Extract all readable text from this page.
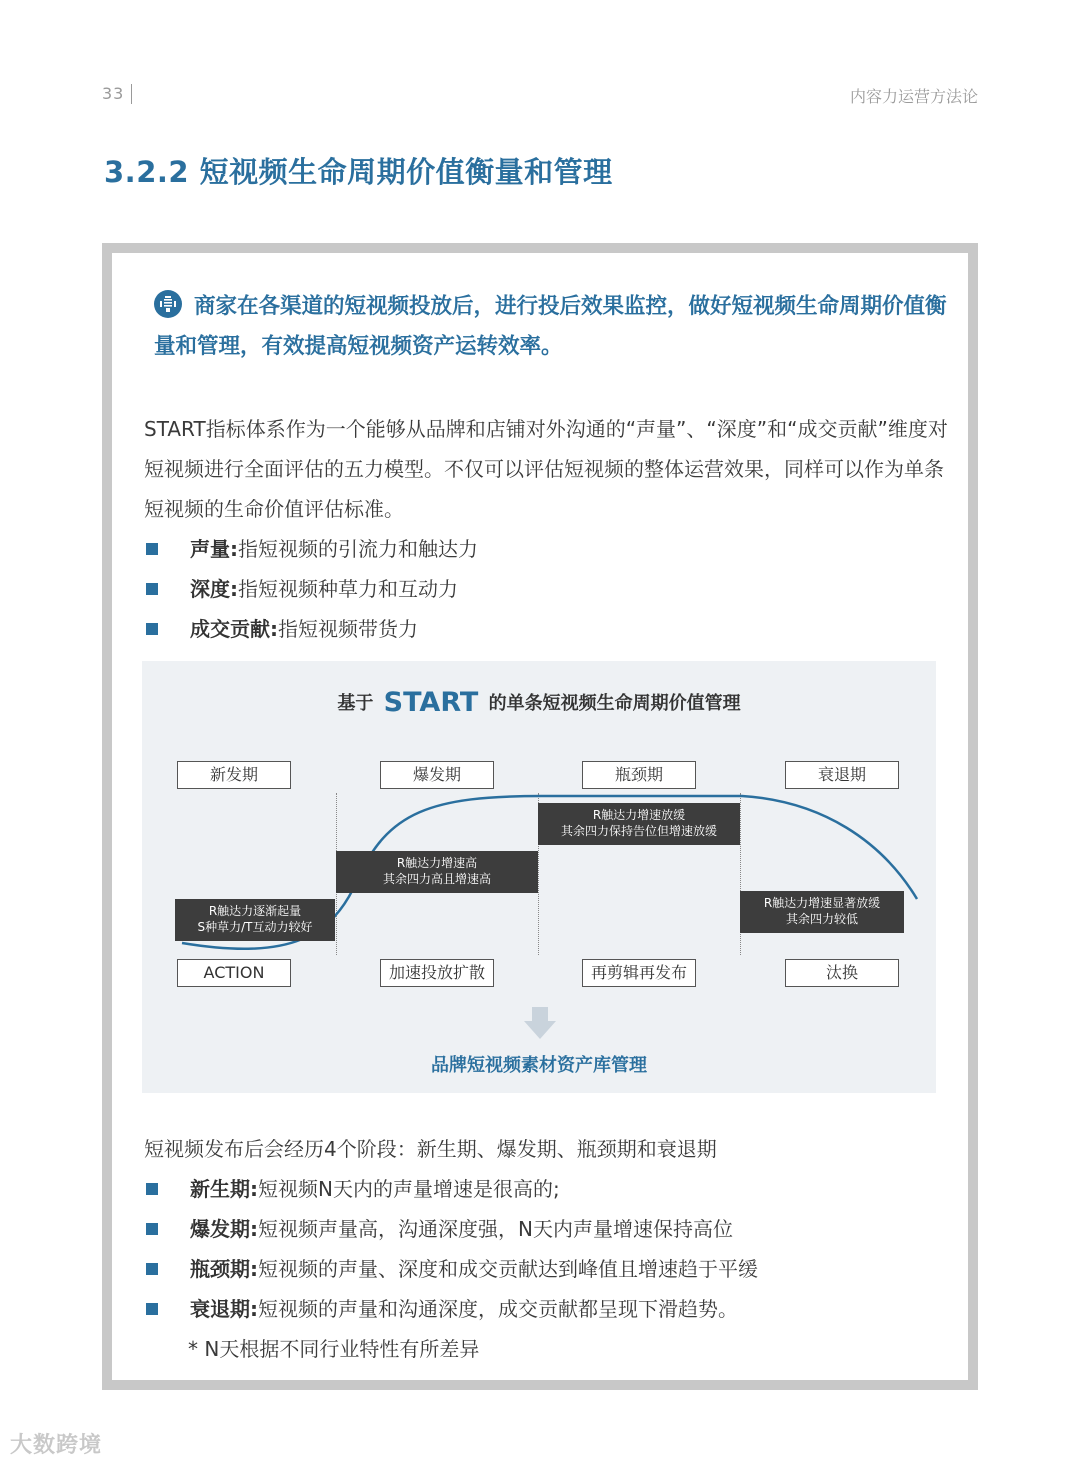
33	内容力运营方法论
3.2.2 短视频生命周期价值衡量和管理
商家在各渠道的短视频投放后，进行投后效果监控，做好短视频生命周期价值衡量和管理，有效提高短视频资产运转效率。

START指标体系作为一个能够从品牌和店铺对外沟通的“声量”、“深度”和“成交贡献”维度对短视频进行全面评估的五力模型。不仅可以评估短视频的整体运营效果，同样可以作为单条短视频的生命价值评估标准。

声量: 指短视频的引流力和触达力
深度: 指短视频种草力和互动力
成交贡献: 指短视频带货力
基于 START 的单条短视频生命周期价值管理
新发期	爆发期	瓶颈期	衰退期
R触达力逐渐起量
S种草力/T互动力较好
R触达力增速高
其余四力高且增速高
R触达力增速放缓
其余四力保持告位但增速放缓
R触达力增速显著放缓
其余四力较低
ACTION	加速投放扩散	再剪辑再发布	汰换
品牌短视频素材资产库管理
短视频发布后会经历4个阶段：新生期、爆发期、瓶颈期和衰退期
新生期: 短视频N天内的声量增速是很高的;
爆发期: 短视频声量高，沟通深度强，N天内声量增速保持高位
瓶颈期: 短视频的声量、深度和成交贡献达到峰值且增速趋于平缓
衰退期: 短视频的声量和沟通深度，成交贡献都呈现下滑趋势。
* N天根据不同行业特性有所差异
大数跨境
